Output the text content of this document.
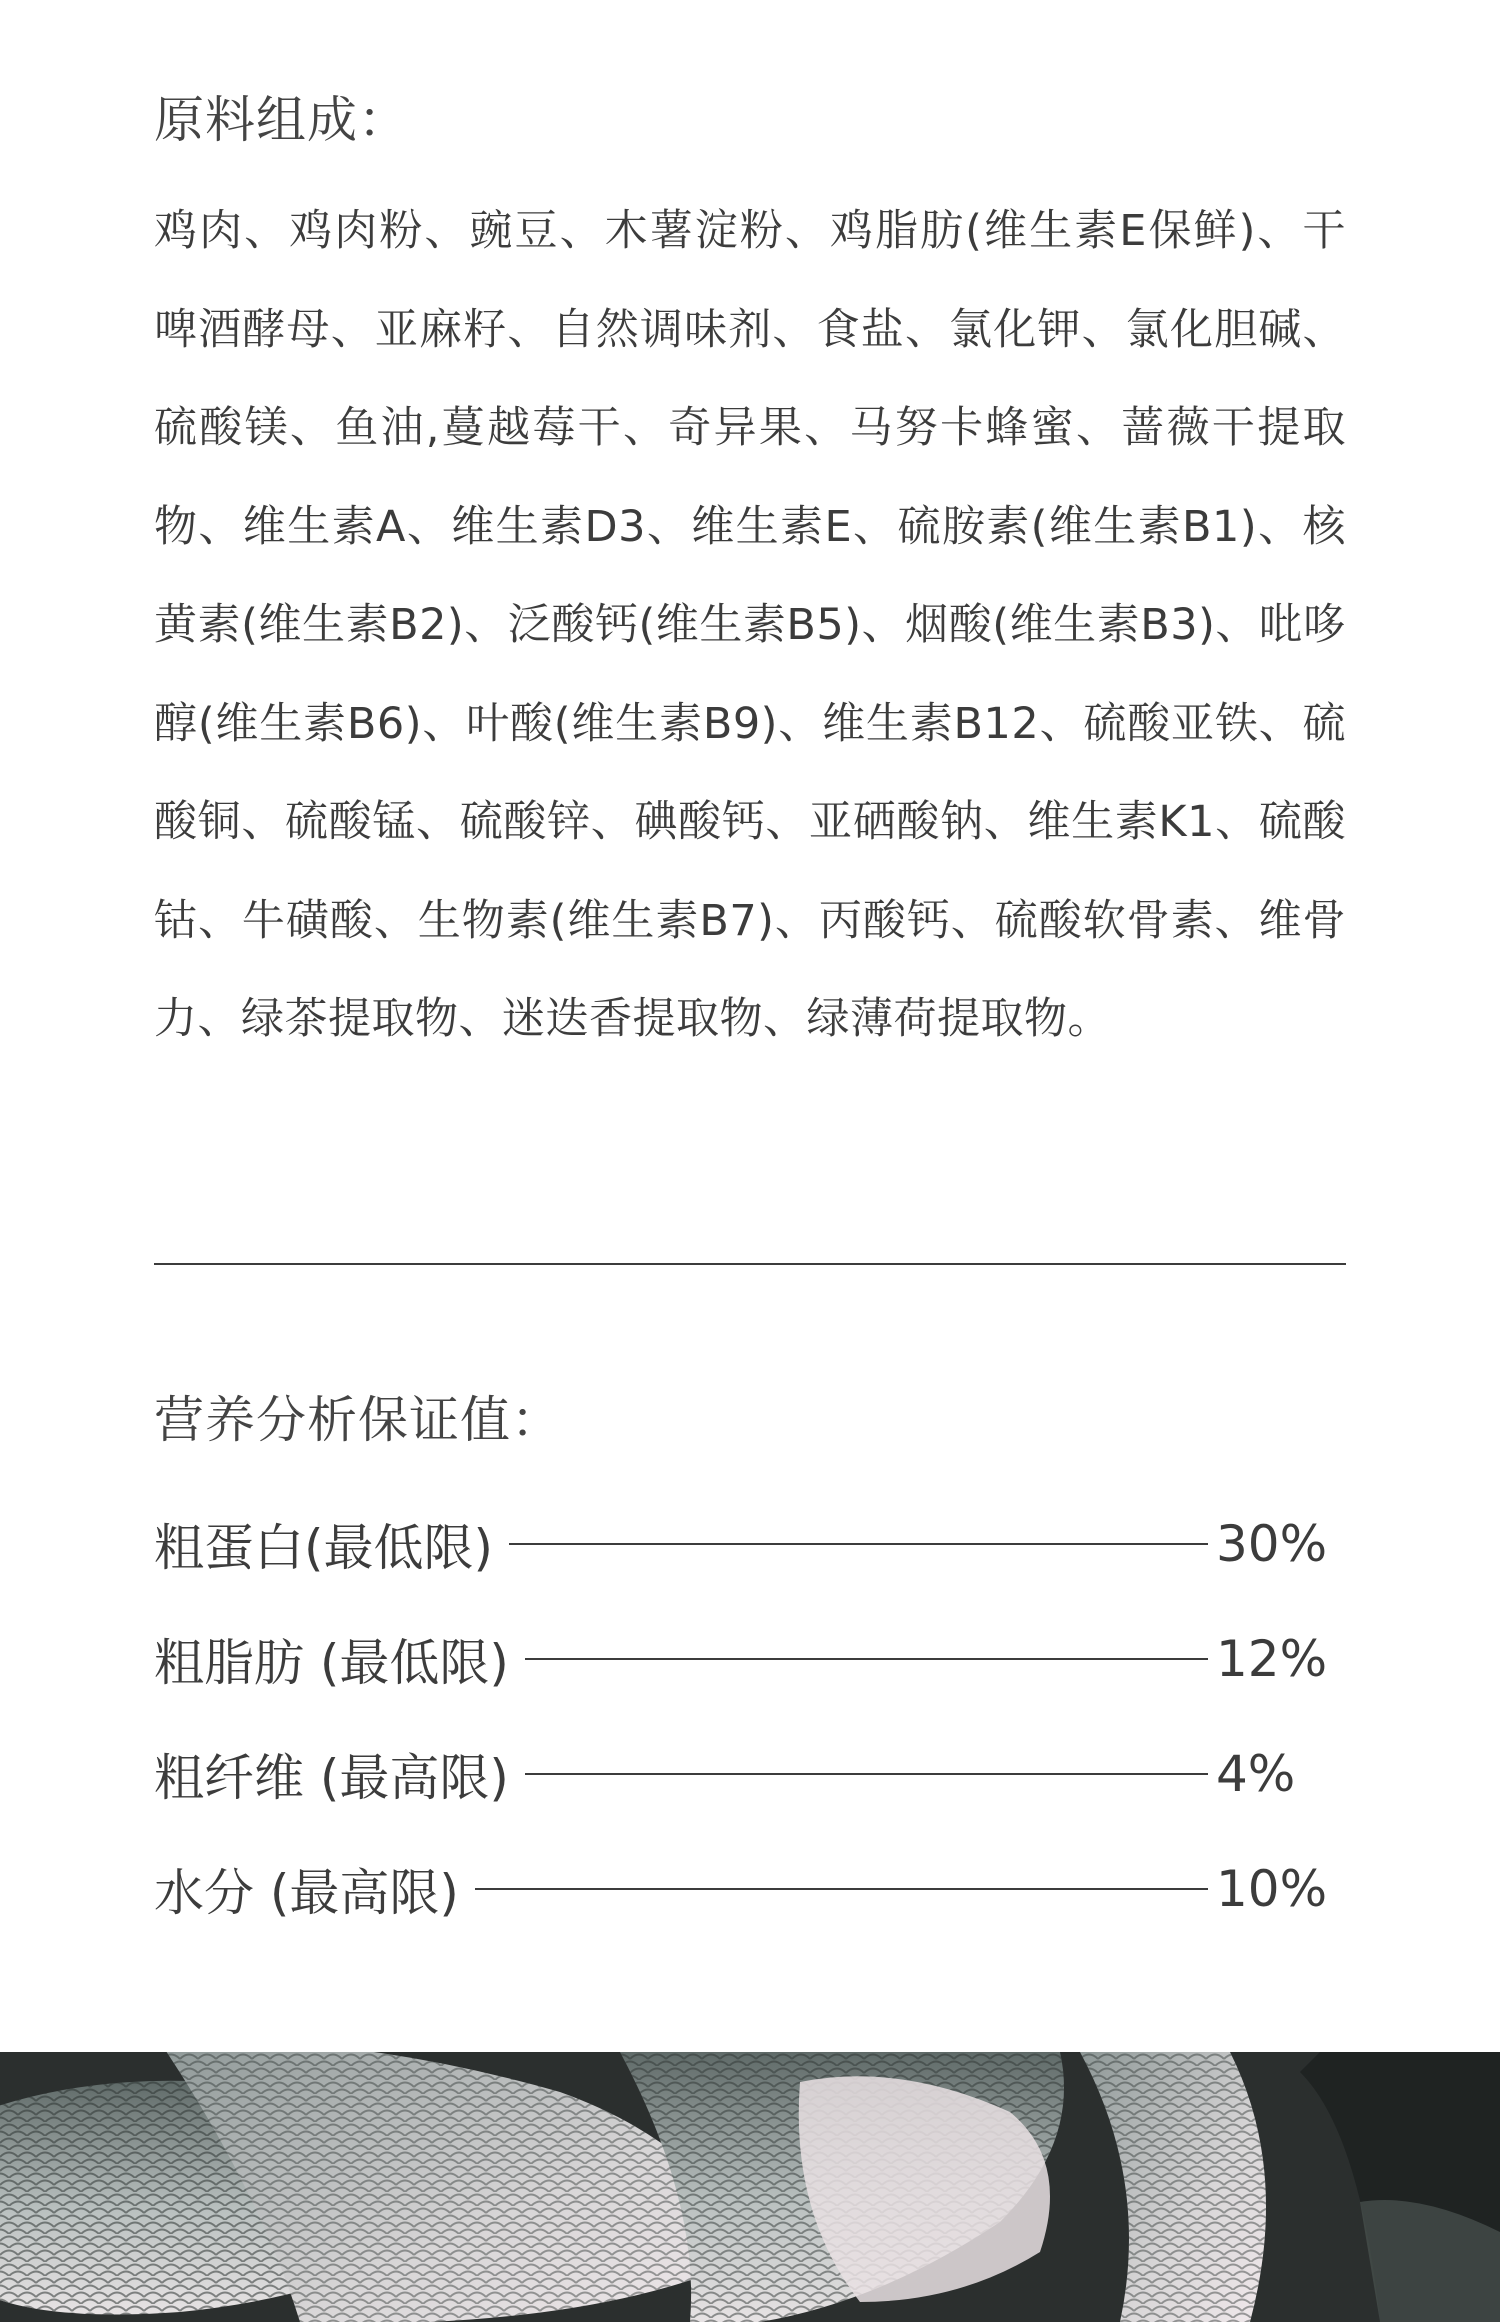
原料组成：

鸡肉、鸡肉粉、豌豆、木薯淀粉、鸡脂肪(维生素E保鲜)、干啤酒酵母、亚麻籽、自然调味剂、食盐、氯化钾、氯化胆碱、硫酸镁、鱼油,蔓越莓干、奇异果、马努卡蜂蜜、蔷薇干提取物、维生素A、维生素D3、维生素E、硫胺素(维生素B1)、核黄素(维生素B2)、泛酸钙(维生素B5)、烟酸(维生素B3)、吡哆醇(维生素B6)、叶酸(维生素B9)、维生素B12、硫酸亚铁、硫酸铜、硫酸锰、硫酸锌、碘酸钙、亚硒酸钠、维生素K1、硫酸钴、牛磺酸、生物素(维生素B7)、丙酸钙、硫酸软骨素、维骨力、绿茶提取物、迷迭香提取物、绿薄荷提取物。

营养分析保证值：
粗蛋白(最低限)	30%
粗脂肪 (最低限)	12%
粗纤维 (最高限)	4%
水分 (最高限)	10%
